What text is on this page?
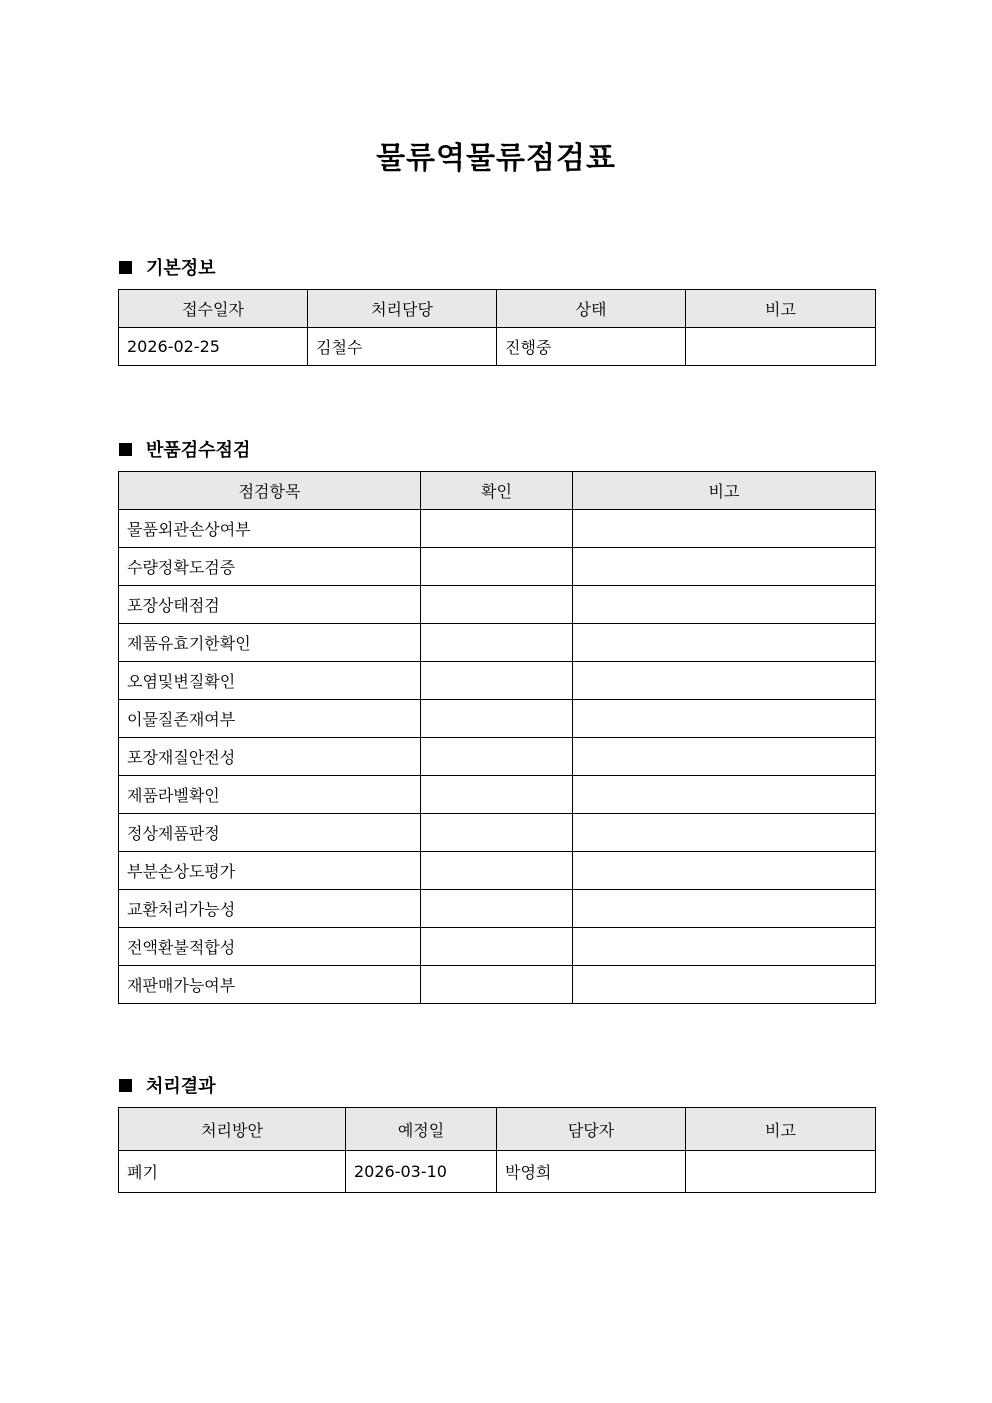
물류역물류점검표
기본정보
접수일자	처리담당	상태	비고
2026-02-25	김철수	진행중	
반품검수점검
점검항목	확인	비고
물품외관손상여부		
수량정확도검증		
포장상태점검		
제품유효기한확인		
오염및변질확인		
이물질존재여부		
포장재질안전성		
제품라벨확인		
정상제품판정		
부분손상도평가		
교환처리가능성		
전액환불적합성		
재판매가능여부		
처리결과
처리방안	예정일	담당자	비고
폐기	2026-03-10	박영희	
